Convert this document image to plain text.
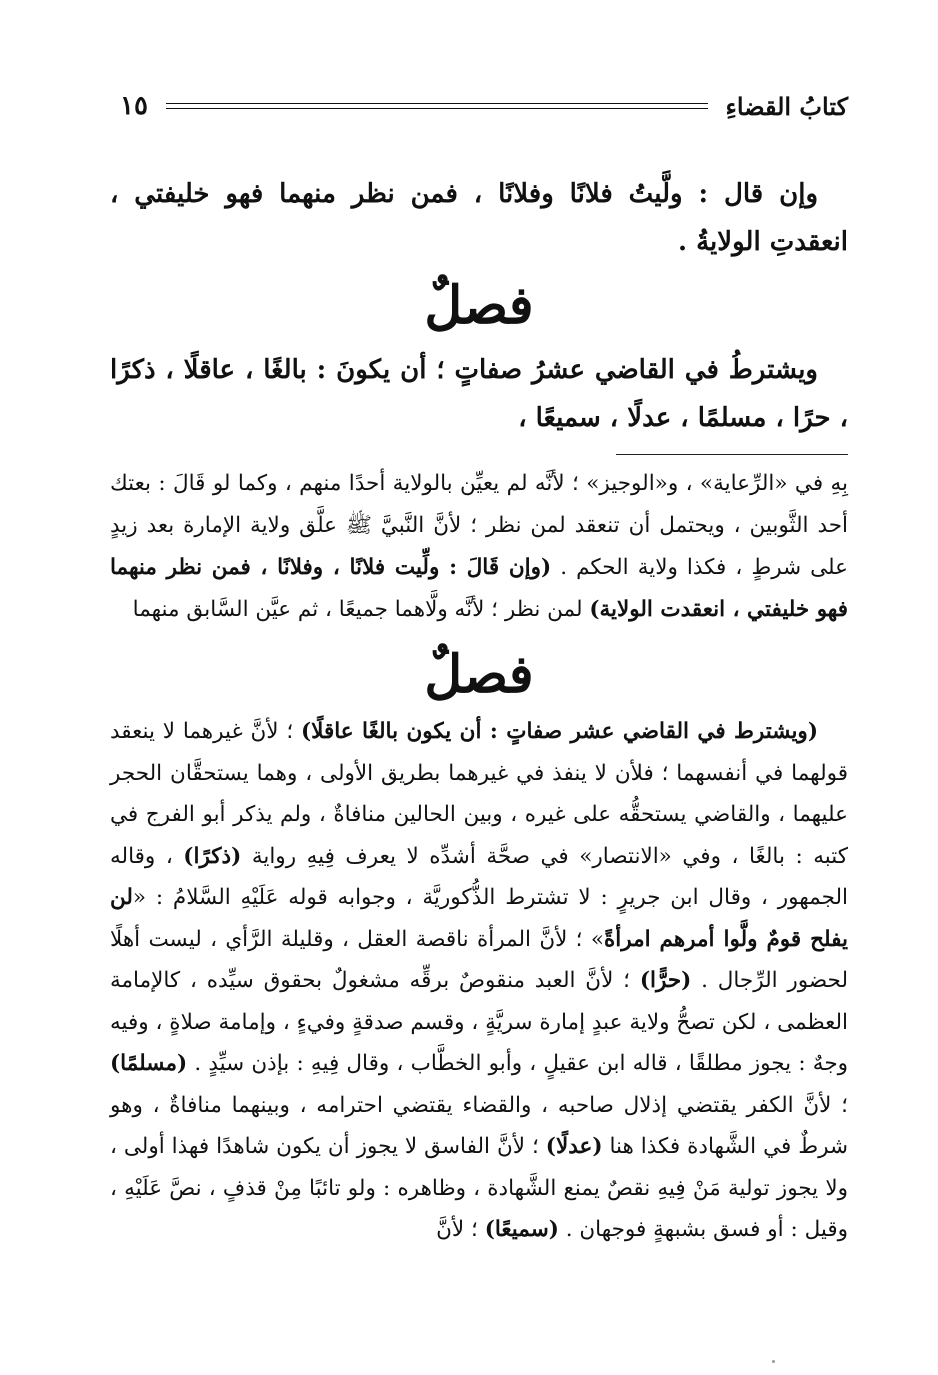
كتابُ القضاءِ
١٥

وإن قال : ولَّيتُ فلانًا وفلانًا ، فمن نظر منهما فهو خليفتي ، انعقدتِ الولايةُ .

فصلٌ

ويشترطُ في القاضي عشرُ صفاتٍ ؛ أن يكونَ : بالغًا ، عاقلًا ، ذكرًا ، حرًا ، مسلمًا ، عدلًا ، سميعًا ،

بِهِ في «الرِّعاية» ، و«الوجيز» ؛ لأنَّه لم يعيِّن بالولاية أحدًا منهم ، وكما لو قَالَ : بعتك أحد الثَّوبين ، ويحتمل أن تنعقد لمن نظر ؛ لأنَّ النَّبيَّ ﷺ علَّق ولاية الإمارة بعد زيدٍ على شرطٍ ، فكذا ولاية الحكم . (وإن قَالَ : ولِّيت فلانًا ، وفلانًا ، فمن نظر منهما فهو خليفتي ، انعقدت الولاية) لمن نظر ؛ لأنَّه ولَّاهما جميعًا ، ثم عيَّن السَّابق منهما

فصلٌ

(ويشترط في القاضي عشر صفاتٍ : أن يكون بالغًا عاقلًا) ؛ لأنَّ غيرهما لا ينعقد قولهما في أنفسهما ؛ فلأن لا ينفذ في غيرهما بطريق الأولى ، وهما يستحقَّان الحجر عليهما ، والقاضي يستحقُّه على غيره ، وبين الحالين منافاةٌ ، ولم يذكر أبو الفرج في كتبه : بالغًا ، وفي «الانتصار» في صحَّة أشدِّه لا يعرف فِيهِ رواية (ذكرًا) ، وقاله الجمهور ، وقال ابن جريرٍ : لا تشترط الذُّكوريَّة ، وجوابه قوله عَلَيْهِ السَّلامُ : «لن يفلح قومٌ ولَّوا أمرهم امرأةً» ؛ لأنَّ المرأة ناقصة العقل ، وقليلة الرَّأي ، ليست أهلًا لحضور الرِّجال . (حرًّا) ؛ لأنَّ العبد منقوصٌ برقِّه مشغولٌ بحقوق سيِّده ، كالإمامة العظمى ، لكن تصحُّ ولاية عبدٍ إمارة سريَّةٍ ، وقسم صدقةٍ وفيءٍ ، وإمامة صلاةٍ ، وفيه وجهٌ : يجوز مطلقًا ، قاله ابن عقيلٍ ، وأبو الخطَّاب ، وقال فِيهِ : بإذن سيِّدٍ . (مسلمًا) ؛ لأنَّ الكفر يقتضي إذلال صاحبه ، والقضاء يقتضي احترامه ، وبينهما منافاةٌ ، وهو شرطٌ في الشَّهادة فكذا هنا (عدلًا) ؛ لأنَّ الفاسق لا يجوز أن يكون شاهدًا فهذا أولى ، ولا يجوز تولية مَنْ فِيهِ نقصٌ يمنع الشَّهادة ، وظاهره : ولو تائبًا مِنْ قذفٍ ، نصَّ عَلَيْهِ ، وقيل : أو فسق بشبهةٍ فوجهان . (سميعًا) ؛ لأنَّ
